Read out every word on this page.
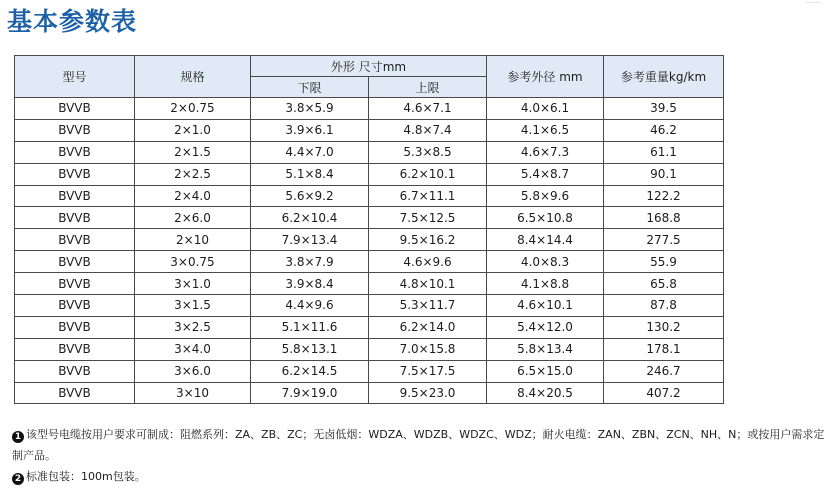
基本参数表
型号	规格	外形 尺寸mm		参考外径 mm	参考重量kg/km
		下限	上限		
BVVB	2×0.75	3.8×5.9	4.6×7.1	4.0×6.1	39.5
BVVB	2×1.0	3.9×6.1	4.8×7.4	4.1×6.5	46.2
BVVB	2×1.5	4.4×7.0	5.3×8.5	4.6×7.3	61.1
BVVB	2×2.5	5.1×8.4	6.2×10.1	5.4×8.7	90.1
BVVB	2×4.0	5.6×9.2	6.7×11.1	5.8×9.6	122.2
BVVB	2×6.0	6.2×10.4	7.5×12.5	6.5×10.8	168.8
BVVB	2×10	7.9×13.4	9.5×16.2	8.4×14.4	277.5
BVVB	3×0.75	3.8×7.9	4.6×9.6	4.0×8.3	55.9
BVVB	3×1.0	3.9×8.4	4.8×10.1	4.1×8.8	65.8
BVVB	3×1.5	4.4×9.6	5.3×11.7	4.6×10.1	87.8
BVVB	3×2.5	5.1×11.6	6.2×14.0	5.4×12.0	130.2
BVVB	3×4.0	5.8×13.1	7.0×15.8	5.8×13.4	178.1
BVVB	3×6.0	6.2×14.5	7.5×17.5	6.5×15.0	246.7
BVVB	3×10	7.9×19.0	9.5×23.0	8.4×20.5	407.2
1 该型号电缆按用户要求可制成：阻燃系列：ZA、ZB、ZC；无卤低烟：WDZA、WDZB、WDZC、WDZ；耐火电缆：ZAN、ZBN、ZCN、NH、N；或按用户需求定制产品。
2 标准包装：100m包装。
